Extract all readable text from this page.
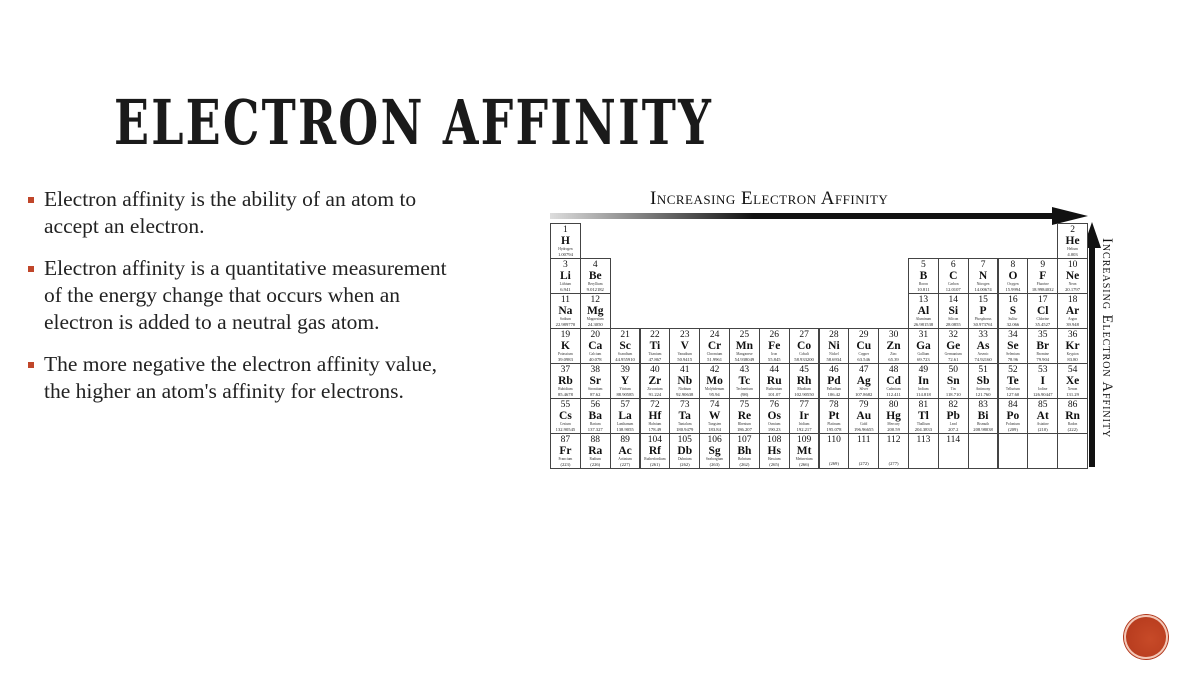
ELECTRON AFFINITY
Electron affinity is the ability of an atom to accept an electron.
Electron affinity is a quantitative measurement of the energy change that occurs when an electron is added to a neutral gas atom.
The more negative the electron affinity value, the higher an atom's affinity for electrons.
Increasing Electron Affinity
Increasing Electron Affinity
1
H
Hydrogen
1.00794
2
He
Helium
4.003
3
Li
Lithium
6.941
4
Be
Beryllium
9.012182
5
B
Boron
10.811
6
C
Carbon
12.0107
7
N
Nitrogen
14.00674
8
O
Oxygen
15.9994
9
F
Fluorine
18.9984032
10
Ne
Neon
20.1797
11
Na
Sodium
22.989770
12
Mg
Magnesium
24.3050
13
Al
Aluminum
26.981538
14
Si
Silicon
28.0855
15
P
Phosphorus
30.973761
16
S
Sulfur
32.066
17
Cl
Chlorine
35.4527
18
Ar
Argon
39.948
19
K
Potassium
39.0983
20
Ca
Calcium
40.078
21
Sc
Scandium
44.955910
22
Ti
Titanium
47.867
23
V
Vanadium
50.9415
24
Cr
Chromium
51.9961
25
Mn
Manganese
54.938049
26
Fe
Iron
55.845
27
Co
Cobalt
58.933200
28
Ni
Nickel
58.6934
29
Cu
Copper
63.546
30
Zn
Zinc
65.39
31
Ga
Gallium
69.723
32
Ge
Germanium
72.61
33
As
Arsenic
74.92160
34
Se
Selenium
78.96
35
Br
Bromine
79.904
36
Kr
Krypton
83.80
37
Rb
Rubidium
85.4678
38
Sr
Strontium
87.62
39
Y
Yttrium
88.90585
40
Zr
Zirconium
91.224
41
Nb
Niobium
92.90638
42
Mo
Molybdenum
95.94
43
Tc
Technetium
(98)
44
Ru
Ruthenium
101.07
45
Rh
Rhodium
102.90550
46
Pd
Palladium
106.42
47
Ag
Silver
107.8682
48
Cd
Cadmium
112.411
49
In
Indium
114.818
50
Sn
Tin
118.710
51
Sb
Antimony
121.760
52
Te
Tellurium
127.60
53
I
Iodine
126.90447
54
Xe
Xenon
131.29
55
Cs
Cesium
132.90545
56
Ba
Barium
137.327
57
La
Lanthanum
138.9055
72
Hf
Hafnium
178.49
73
Ta
Tantalum
180.9479
74
W
Tungsten
183.84
75
Re
Rhenium
186.207
76
Os
Osmium
190.23
77
Ir
Iridium
192.217
78
Pt
Platinum
195.078
79
Au
Gold
196.96655
80
Hg
Mercury
200.59
81
Tl
Thallium
204.3833
82
Pb
Lead
207.2
83
Bi
Bismuth
208.98038
84
Po
Polonium
(209)
85
At
Astatine
(210)
86
Rn
Radon
(222)
87
Fr
Francium
(223)
88
Ra
Radium
(226)
89
Ac
Actinium
(227)
104
Rf
Rutherfordium
(261)
105
Db
Dubnium
(262)
106
Sg
Seaborgium
(263)
107
Bh
Bohrium
(262)
108
Hs
Hassium
(265)
109
Mt
Meitnerium
(266)
110
(269)
111
(272)
112
(277)
113	114
